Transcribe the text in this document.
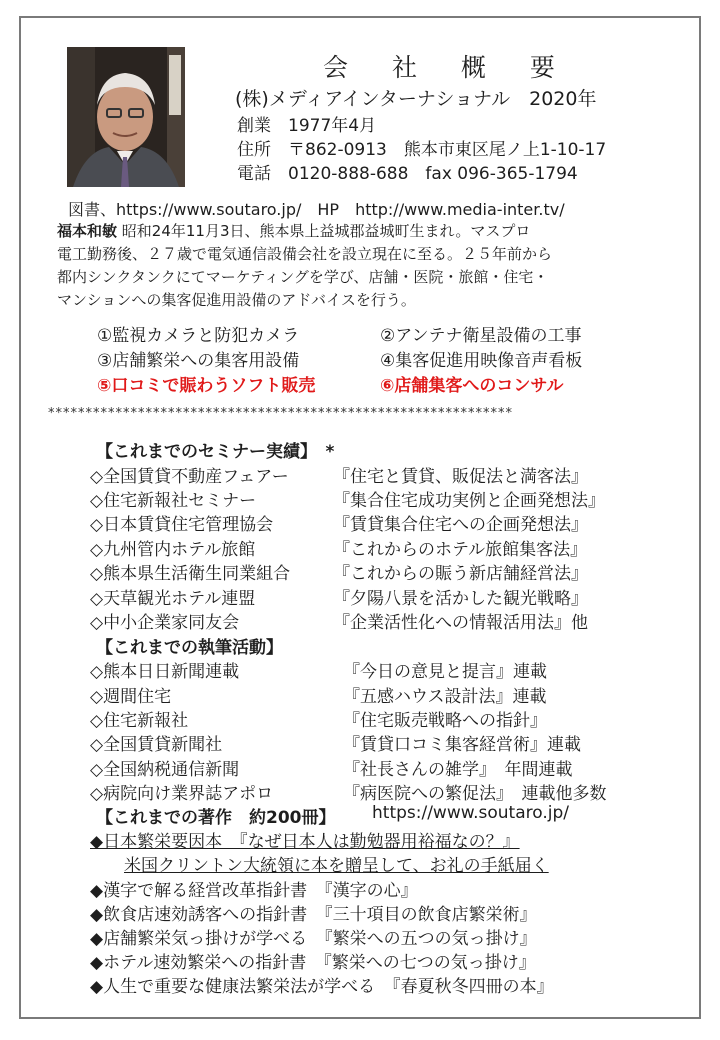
会 社 概 要
(株)メディアインターナショナル　2020年
創業　1977年4月
住所　〒862-0913　熊本市東区尾ノ上1-10-17
電話　0120-888-688　fax 096-365-1794
図書、https://www.soutaro.jp/　HP　http://www.media-inter.tv/
福本和敏 昭和24年11月3日、熊本県上益城郡益城町生まれ。マスプロ
電工勤務後、２７歳で電気通信設備会社を設立現在に至る。２５年前から
都内シンクタンクにてマーケティングを学び、店舗・医院・旅館・住宅・
マンションへの集客促進用設備のアドバイスを行う。
①監視カメラと防犯カメラ	②アンテナ衛星設備の工事
③店舗繁栄への集客用設備	④集客促進用映像音声看板
⑤口コミで賑わうソフト販売	⑥店舗集客へのコンサル
**************************************************************
【これまでのセミナー実績】　*
◇全国賃貸不動産フェアー	『住宅と賃貸、販促法と満客法』
◇住宅新報社セミナー	『集合住宅成功実例と企画発想法』
◇日本賃貸住宅管理協会	『賃貸集合住宅への企画発想法』
◇九州管内ホテル旅館	『これからのホテル旅館集客法』
◇熊本県生活衛生同業組合	『これからの賑う新店舗経営法』
◇天草観光ホテル連盟	『夕陽八景を活かした観光戦略』
◇中小企業家同友会	『企業活性化への情報活用法』他
【これまでの執筆活動】
◇熊本日日新聞連載	『今日の意見と提言』連載
◇週間住宅	『五感ハウス設計法』連載
◇住宅新報社	『住宅販売戦略への指針』
◇全国賃貸新聞社	『賃貸口コミ集客経営術』連載
◇全国納税通信新聞	『社長さんの雑学』　年間連載
◇病院向け業界誌アポロ	『病医院への繁促法』　連載他多数
【これまでの著作　約200冊】 https://www.soutaro.jp/
◆日本繁栄要因本　『なぜ日本人は勤勉器用裕福なの？』
米国クリントン大統領に本を贈呈して、お礼の手紙届く
◆漢字で解る経営改革指針書　『漢字の心』
◆飲食店速効誘客への指針書　『三十項目の飲食店繁栄術』
◆店舗繁栄気っ掛けが学べる　『繁栄への五つの気っ掛け』
◆ホテル速効繁栄への指針書　『繁栄への七つの気っ掛け』
◆人生で重要な健康法繁栄法が学べる　『春夏秋冬四冊の本』
